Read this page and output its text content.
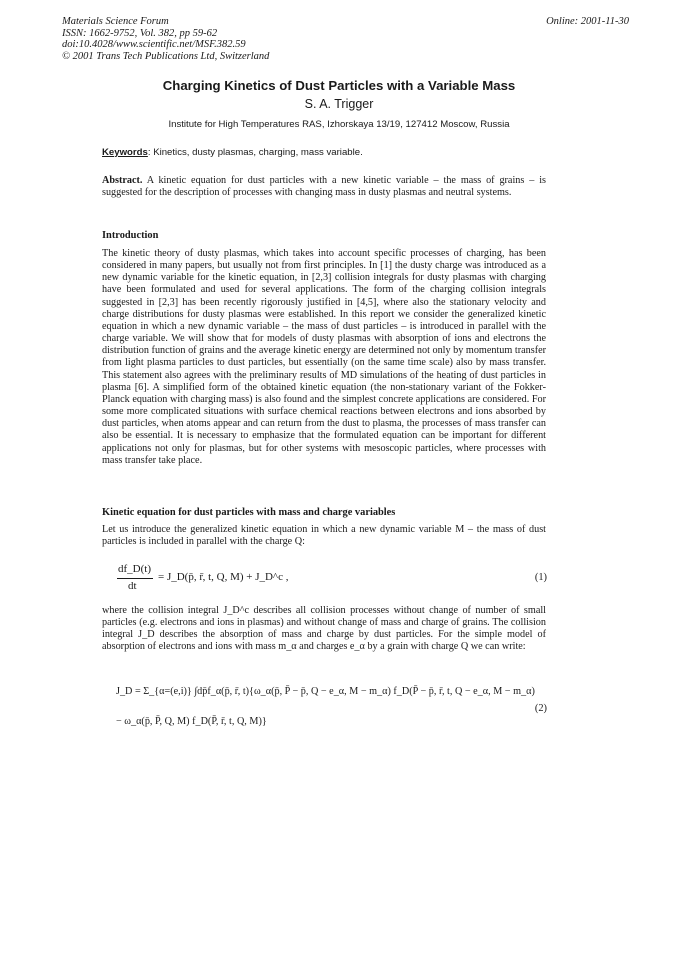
Materials Science Forum
ISSN: 1662-9752, Vol. 382, pp 59-62
doi:10.4028/www.scientific.net/MSF.382.59
© 2001 Trans Tech Publications Ltd, Switzerland
Online: 2001-11-30
Charging Kinetics of Dust Particles with a Variable Mass
S. A. Trigger
Institute for High Temperatures RAS, Izhorskaya 13/19, 127412 Moscow, Russia
Keywords: Kinetics, dusty plasmas, charging, mass variable.
Abstract. A kinetic equation for dust particles with a new kinetic variable – the mass of grains – is suggested for the description of processes with changing mass in dusty plasmas and neutral systems.
Introduction
The kinetic theory of dusty plasmas, which takes into account specific processes of charging, has been considered in many papers, but usually not from first principles. In [1] the dusty charge was introduced as a new dynamic variable for the kinetic equation, in [2,3] collision integrals for dusty plasmas with charging have been formulated and used for several applications. The form of the charging collision integrals suggested in [2,3] has been recently rigorously justified in [4,5], where also the stationary velocity and charge distributions for dusty plasmas were established. In this report we consider the generalized kinetic equation in which a new dynamic variable – the mass of dust particles – is introduced in parallel with the charge variable. We will show that for models of dusty plasmas with absorption of ions and electrons the distribution function of grains and the average kinetic energy are determined not only by momentum transfer from light plasma particles to dust particles, but essentially (on the same time scale) also by mass transfer. This statement also agrees with the preliminary results of MD simulations of the heating of dust particles in plasma [6]. A simplified form of the obtained kinetic equation (the non-stationary variant of the Fokker-Planck equation with charging mass) is also found and the simplest concrete applications are considered. For some more complicated situations with surface chemical reactions between electrons and ions absorbed by dust particles, when atoms appear and can return from the dust to plasma, the processes of mass transfer can also be essential. It is necessary to emphasize that the formulated equation can be important for different applications not only for plasmas, but for other systems with mesoscopic particles, where processes with mass transfer take place.
Kinetic equation for dust particles with mass and charge variables
Let us introduce the generalized kinetic equation in which a new dynamic variable M – the mass of dust particles is included in parallel with the charge Q:
df_D(t)
dt
= J_D(p̄, r̄, t, Q, M) + J_D^c ,	(1)
where the collision integral J_D^c describes all collision processes without change of number of small particles (e.g. electrons and ions in plasmas) and without change of mass and charge of grains. The collision integral J_D describes the absorption of mass and charge by dust particles. For the simple model of absorption of electrons and ions with mass m_α and charges e_α by a grain with charge Q we can write:
J_D = Σ_{α=(e,i)} ∫dp̄f_α(p̄, r̄, t){ω_α(p̄, P̄ − p̄, Q − e_α, M − m_α) f_D(P̄ − p̄, r̄, t, Q − e_α, M − m_α)
− ω_α(p̄, P̄, Q, M) f_D(P̄, r̄, t, Q, M)}
(2)
